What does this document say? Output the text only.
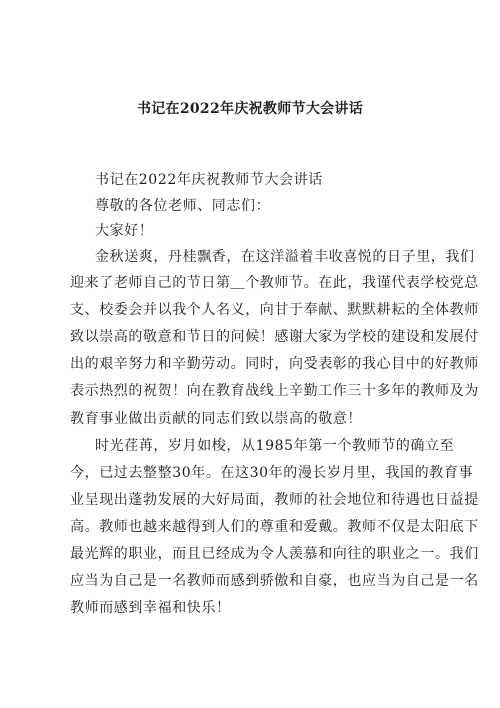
书记在2022年庆祝教师节大会讲话
书记在2022年庆祝教师节大会讲话
尊敬的各位老师、同志们：
大家好！
金秋送爽，丹桂飘香，在这洋溢着丰收喜悦的日子里，我们
迎来了老师自己的节日第＿个教师节。在此，我谨代表学校党总
支、校委会并以我个人名义，向甘于奉献、默默耕耘的全体教师
致以崇高的敬意和节日的问候！感谢大家为学校的建设和发展付
出的艰辛努力和辛勤劳动。同时，向受表彰的我心目中的好教师
表示热烈的祝贺！向在教育战线上辛勤工作三十多年的教师及为
教育事业做出贡献的同志们致以崇高的敬意！
时光荏苒，岁月如梭，从1985年第一个教师节的确立至
今，已过去整整30年。在这30年的漫长岁月里，我国的教育事
业呈现出蓬勃发展的大好局面，教师的社会地位和待遇也日益提
高。教师也越来越得到人们的尊重和爱戴。教师不仅是太阳底下
最光辉的职业，而且已经成为令人羡慕和向往的职业之一。我们
应当为自己是一名教师而感到骄傲和自豪，也应当为自己是一名
教师而感到幸福和快乐！
